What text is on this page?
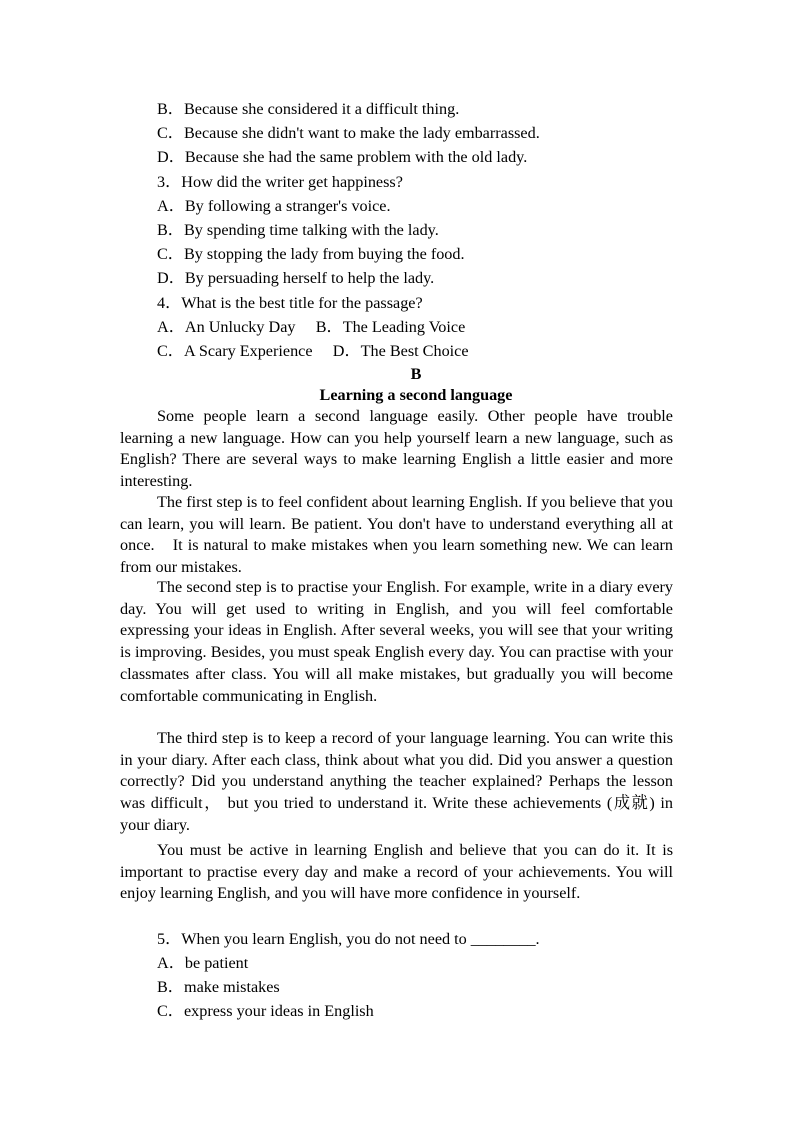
B．Because she considered it a difficult thing.
C．Because she didn't want to make the lady embarrassed.
D．Because she had the same problem with the old lady.
3．How did the writer get happiness?
A．By following a stranger's voice.
B．By spending time talking with the lady.
C．By stopping the lady from buying the food.
D．By persuading herself to help the lady.
4．What is the best title for the passage?
A．An Unlucky Day　 B．The Leading Voice
C．A Scary Experience　 D．The Best Choice
B
Learning a second language

Some people learn a second language easily. Other people have trouble learning a new language. How can you help yourself learn a new language, such as English? There are several ways to make learning English a little easier and more interesting.

The first step is to feel confident about learning English. If you believe that you can learn, you will learn. Be patient. You don't have to understand everything all at once.　It is natural to make mistakes when you learn something new. We can learn from our mistakes.

The second step is to practise your English. For example, write in a diary every day. You will get used to writing in English, and you will feel comfortable expressing your ideas in English. After several weeks, you will see that your writing is improving. Besides, you must speak English every day. You can practise with your classmates after class. You will all make mistakes, but gradually you will become comfortable communicating in English.

The third step is to keep a record of your language learning. You can write this in your diary. After each class, think about what you did. Did you answer a question correctly? Did you understand anything the teacher explained? Perhaps the lesson was difficult， but you tried to understand it. Write these achievements (成就) in your diary.

You must be active in learning English and believe that you can do it. It is important to practise every day and make a record of your achievements. You will enjoy learning English, and you will have more confidence in yourself.

5．When you learn English, you do not need to ________.
A．be patient
B．make mistakes
C．express your ideas in English
